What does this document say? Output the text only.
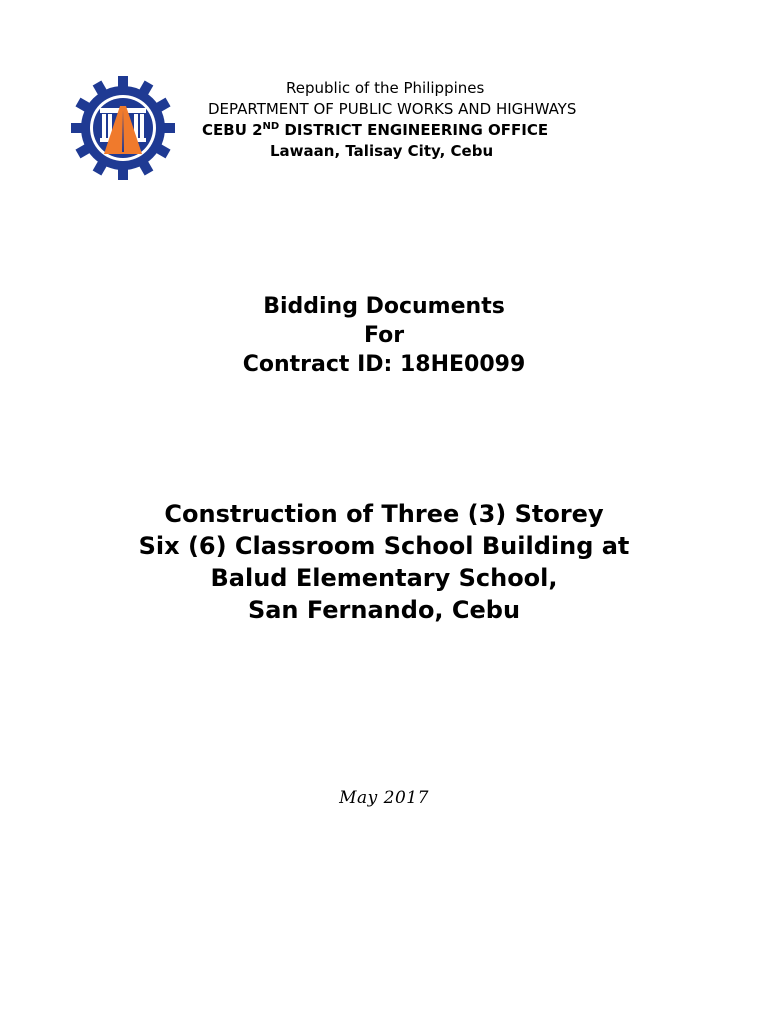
Republic of the Philippines
DEPARTMENT OF PUBLIC WORKS AND HIGHWAYS
CEBU 2ND DISTRICT ENGINEERING OFFICE
Lawaan, Talisay City, Cebu
Bidding Documents
For
Contract ID: 18HE0099
Construction of Three (3) Storey
Six (6) Classroom School Building at
Balud Elementary School,
San Fernando, Cebu
May 2017
